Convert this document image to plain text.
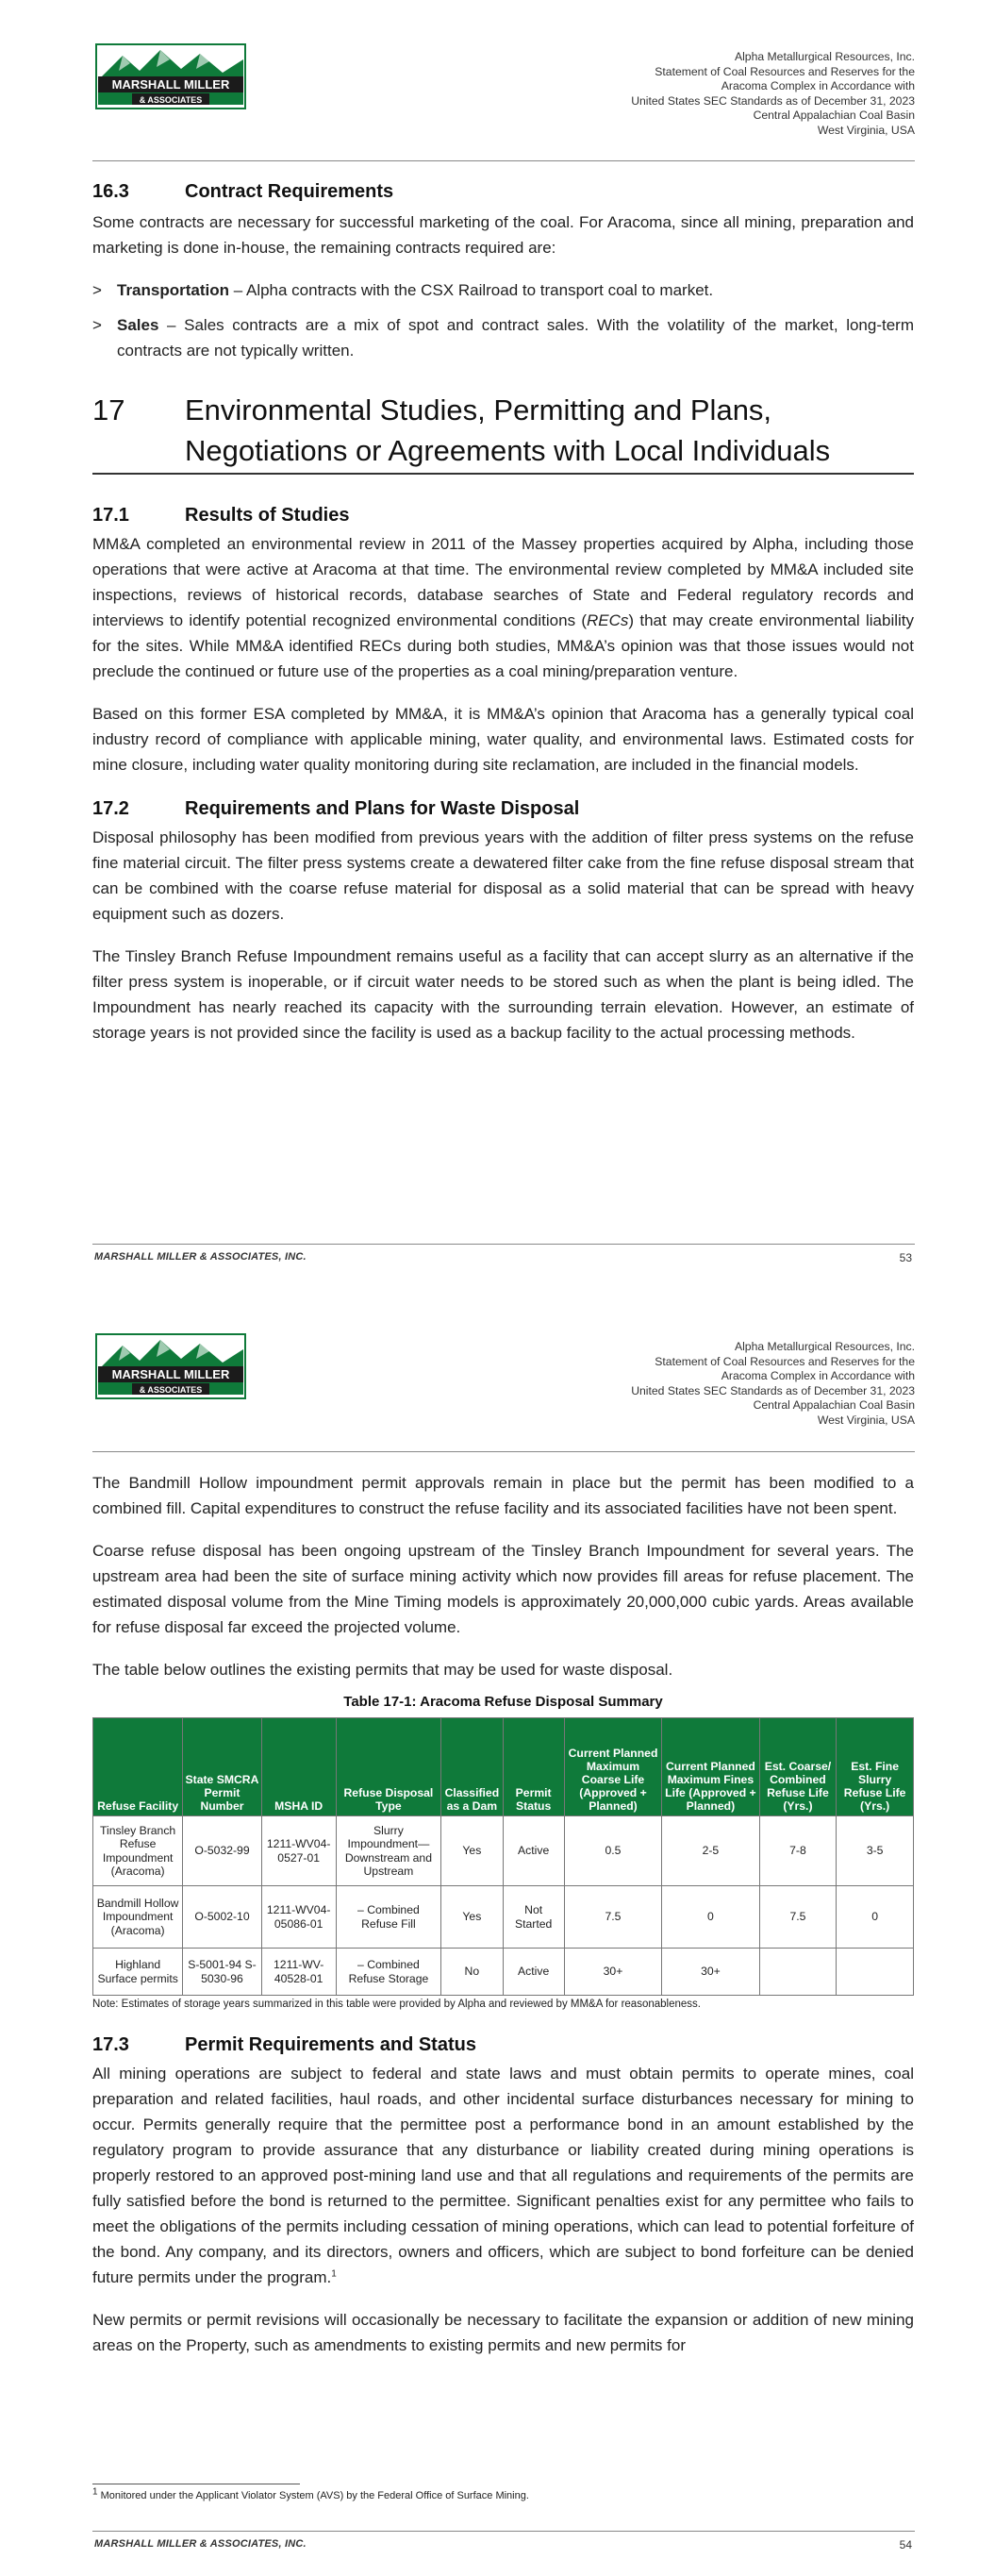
MARSHALL MILLER
& ASSOCIATES
Alpha Metallurgical Resources, Inc.
Statement of Coal Resources and Reserves for the
Aracoma Complex in Accordance with
United States SEC Standards as of December 31, 2023
Central Appalachian Coal Basin
West Virginia, USA
16.3	Contract Requirements

Some contracts are necessary for successful marketing of the coal. For Aracoma, since all mining, preparation and marketing is done in-house, the remaining contracts required are:

> Transportation – Alpha contracts with the CSX Railroad to transport coal to market.
> Sales – Sales contracts are a mix of spot and contract sales. With the volatility of the market, long-term contracts are not typically written.
17 Environmental Studies, Permitting and Plans, Negotiations or Agreements with Local Individuals
17.1	Results of Studies

MM&A completed an environmental review in 2011 of the Massey properties acquired by Alpha, including those operations that were active at Aracoma at that time. The environmental review completed by MM&A included site inspections, reviews of historical records, database searches of State and Federal regulatory records and interviews to identify potential recognized environmental conditions (RECs) that may create environmental liability for the sites. While MM&A identified RECs during both studies, MM&A’s opinion was that those issues would not preclude the continued or future use of the properties as a coal mining/preparation venture.

Based on this former ESA completed by MM&A, it is MM&A’s opinion that Aracoma has a generally typical coal industry record of compliance with applicable mining, water quality, and environmental laws. Estimated costs for mine closure, including water quality monitoring during site reclamation, are included in the financial models.

17.2	Requirements and Plans for Waste Disposal

Disposal philosophy has been modified from previous years with the addition of filter press systems on the refuse fine material circuit. The filter press systems create a dewatered filter cake from the fine refuse disposal stream that can be combined with the coarse refuse material for disposal as a solid material that can be spread with heavy equipment such as dozers.

The Tinsley Branch Refuse Impoundment remains useful as a facility that can accept slurry as an alternative if the filter press system is inoperable, or if circuit water needs to be stored such as when the plant is being idled. The Impoundment has nearly reached its capacity with the surrounding terrain elevation. However, an estimate of storage years is not provided since the facility is used as a backup facility to the actual processing methods.

MARSHALL MILLER & ASSOCIATES, INC.	53
MARSHALL MILLER
& ASSOCIATES
Alpha Metallurgical Resources, Inc.
Statement of Coal Resources and Reserves for the
Aracoma Complex in Accordance with
United States SEC Standards as of December 31, 2023
Central Appalachian Coal Basin
West Virginia, USA

The Bandmill Hollow impoundment permit approvals remain in place but the permit has been modified to a combined fill. Capital expenditures to construct the refuse facility and its associated facilities have not been spent.

Coarse refuse disposal has been ongoing upstream of the Tinsley Branch Impoundment for several years. The upstream area had been the site of surface mining activity which now provides fill areas for refuse placement. The estimated disposal volume from the Mine Timing models is approximately 20,000,000 cubic yards. Areas available for refuse disposal far exceed the projected volume.

The table below outlines the existing permits that may be used for waste disposal.

Table 17-1: Aracoma Refuse Disposal Summary
Refuse Facility	State SMCRA Permit Number	MSHA ID	Refuse Disposal Type	Classified as a Dam	Permit Status	Current Planned Maximum Coarse Life (Approved + Planned)	Current Planned Maximum Fines Life (Approved + Planned)	Est. Coarse/ Combined Refuse Life (Yrs.)	Est. Fine Slurry Refuse Life (Yrs.)
Tinsley Branch Refuse Impoundment (Aracoma)	O-5032-99	1211-WV04-0527-01	Slurry Impoundment—Downstream and Upstream	Yes	Active	0.5	2-5	7-8	3-5
Bandmill Hollow Impoundment (Aracoma)	O-5002-10	1211-WV04-05086-01	– Combined Refuse Fill	Yes	Not Started	7.5	0	7.5	0
Highland Surface permits	S-5001-94 S-5030-96	1211-WV-40528-01	– Combined Refuse Storage	No	Active	30+	30+		
Note: Estimates of storage years summarized in this table were provided by Alpha and reviewed by MM&A for reasonableness.
17.3	Permit Requirements and Status

All mining operations are subject to federal and state laws and must obtain permits to operate mines, coal preparation and related facilities, haul roads, and other incidental surface disturbances necessary for mining to occur. Permits generally require that the permittee post a performance bond in an amount established by the regulatory program to provide assurance that any disturbance or liability created during mining operations is properly restored to an approved post-mining land use and that all regulations and requirements of the permits are fully satisfied before the bond is returned to the permittee. Significant penalties exist for any permittee who fails to meet the obligations of the permits including cessation of mining operations, which can lead to potential forfeiture of the bond. Any company, and its directors, owners and officers, which are subject to bond forfeiture can be denied future permits under the program.$^1$

New permits or permit revisions will occasionally be necessary to facilitate the expansion or addition of new mining areas on the Property, such as amendments to existing permits and new permits for

$^1$ Monitored under the Applicant Violator System (AVS) by the Federal Office of Surface Mining.
MARSHALL MILLER & ASSOCIATES, INC.	54
